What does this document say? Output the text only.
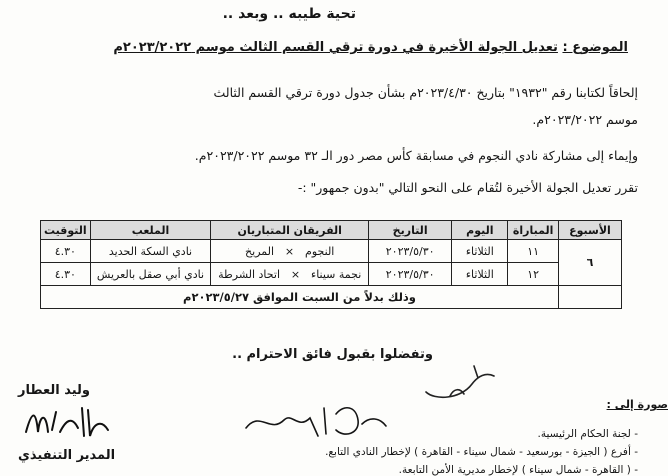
تحية طيبه .. وبعد ..
الموضوع : تعديل الجولة الأخيرة في دورة ترقي القسم الثالث موسم ٢٠٢٣/٢٠٢٢م
إلحاقاً لكتابنا رقم "١٩٣٢" بتاريخ ٢٠٢٣/٤/٣٠م بشأن جدول دورة ترقي القسم الثالث
موسم ٢٠٢٣/٢٠٢٢م.
وإيماء إلى مشاركة نادي النجوم في مسابقة كأس مصر دور الـ ٣٢ موسم ٢٠٢٣/٢٠٢٢م.
تقرر تعديل الجولة الأخيرة لتُقام على النحو التالي "بدون جمهور" :-
الأسبوع	المباراة	اليوم	التاريخ	الفريقان المتباريان	الملعب	التوقيت
٦	١١	الثلاثاء	٢٠٢٣/٥/٣٠	النجوم × المريخ	نادي السكة الحديد	٤.٣٠
	١٢	الثلاثاء	٢٠٢٣/٥/٣٠	نجمة سيناء × اتحاد الشرطة	نادي أبي صقل بالعريش	٤.٣٠
	وذلك بدلاً من السبت الموافق ٢٠٢٣/٥/٢٧م					
وتفضلوا بقبول فائق الاحترام ..
صورة إلى :
- لجنة الحكام الرئيسية.
- أفرع ( الجيزة - بورسعيد - شمال سيناء - القاهرة ) لإخطار النادي التابع.
- ( القاهرة - شمال سيناء ) لإخطار مديرية الأمن التابعة.
وليد العطار
المدير التنفيذي
